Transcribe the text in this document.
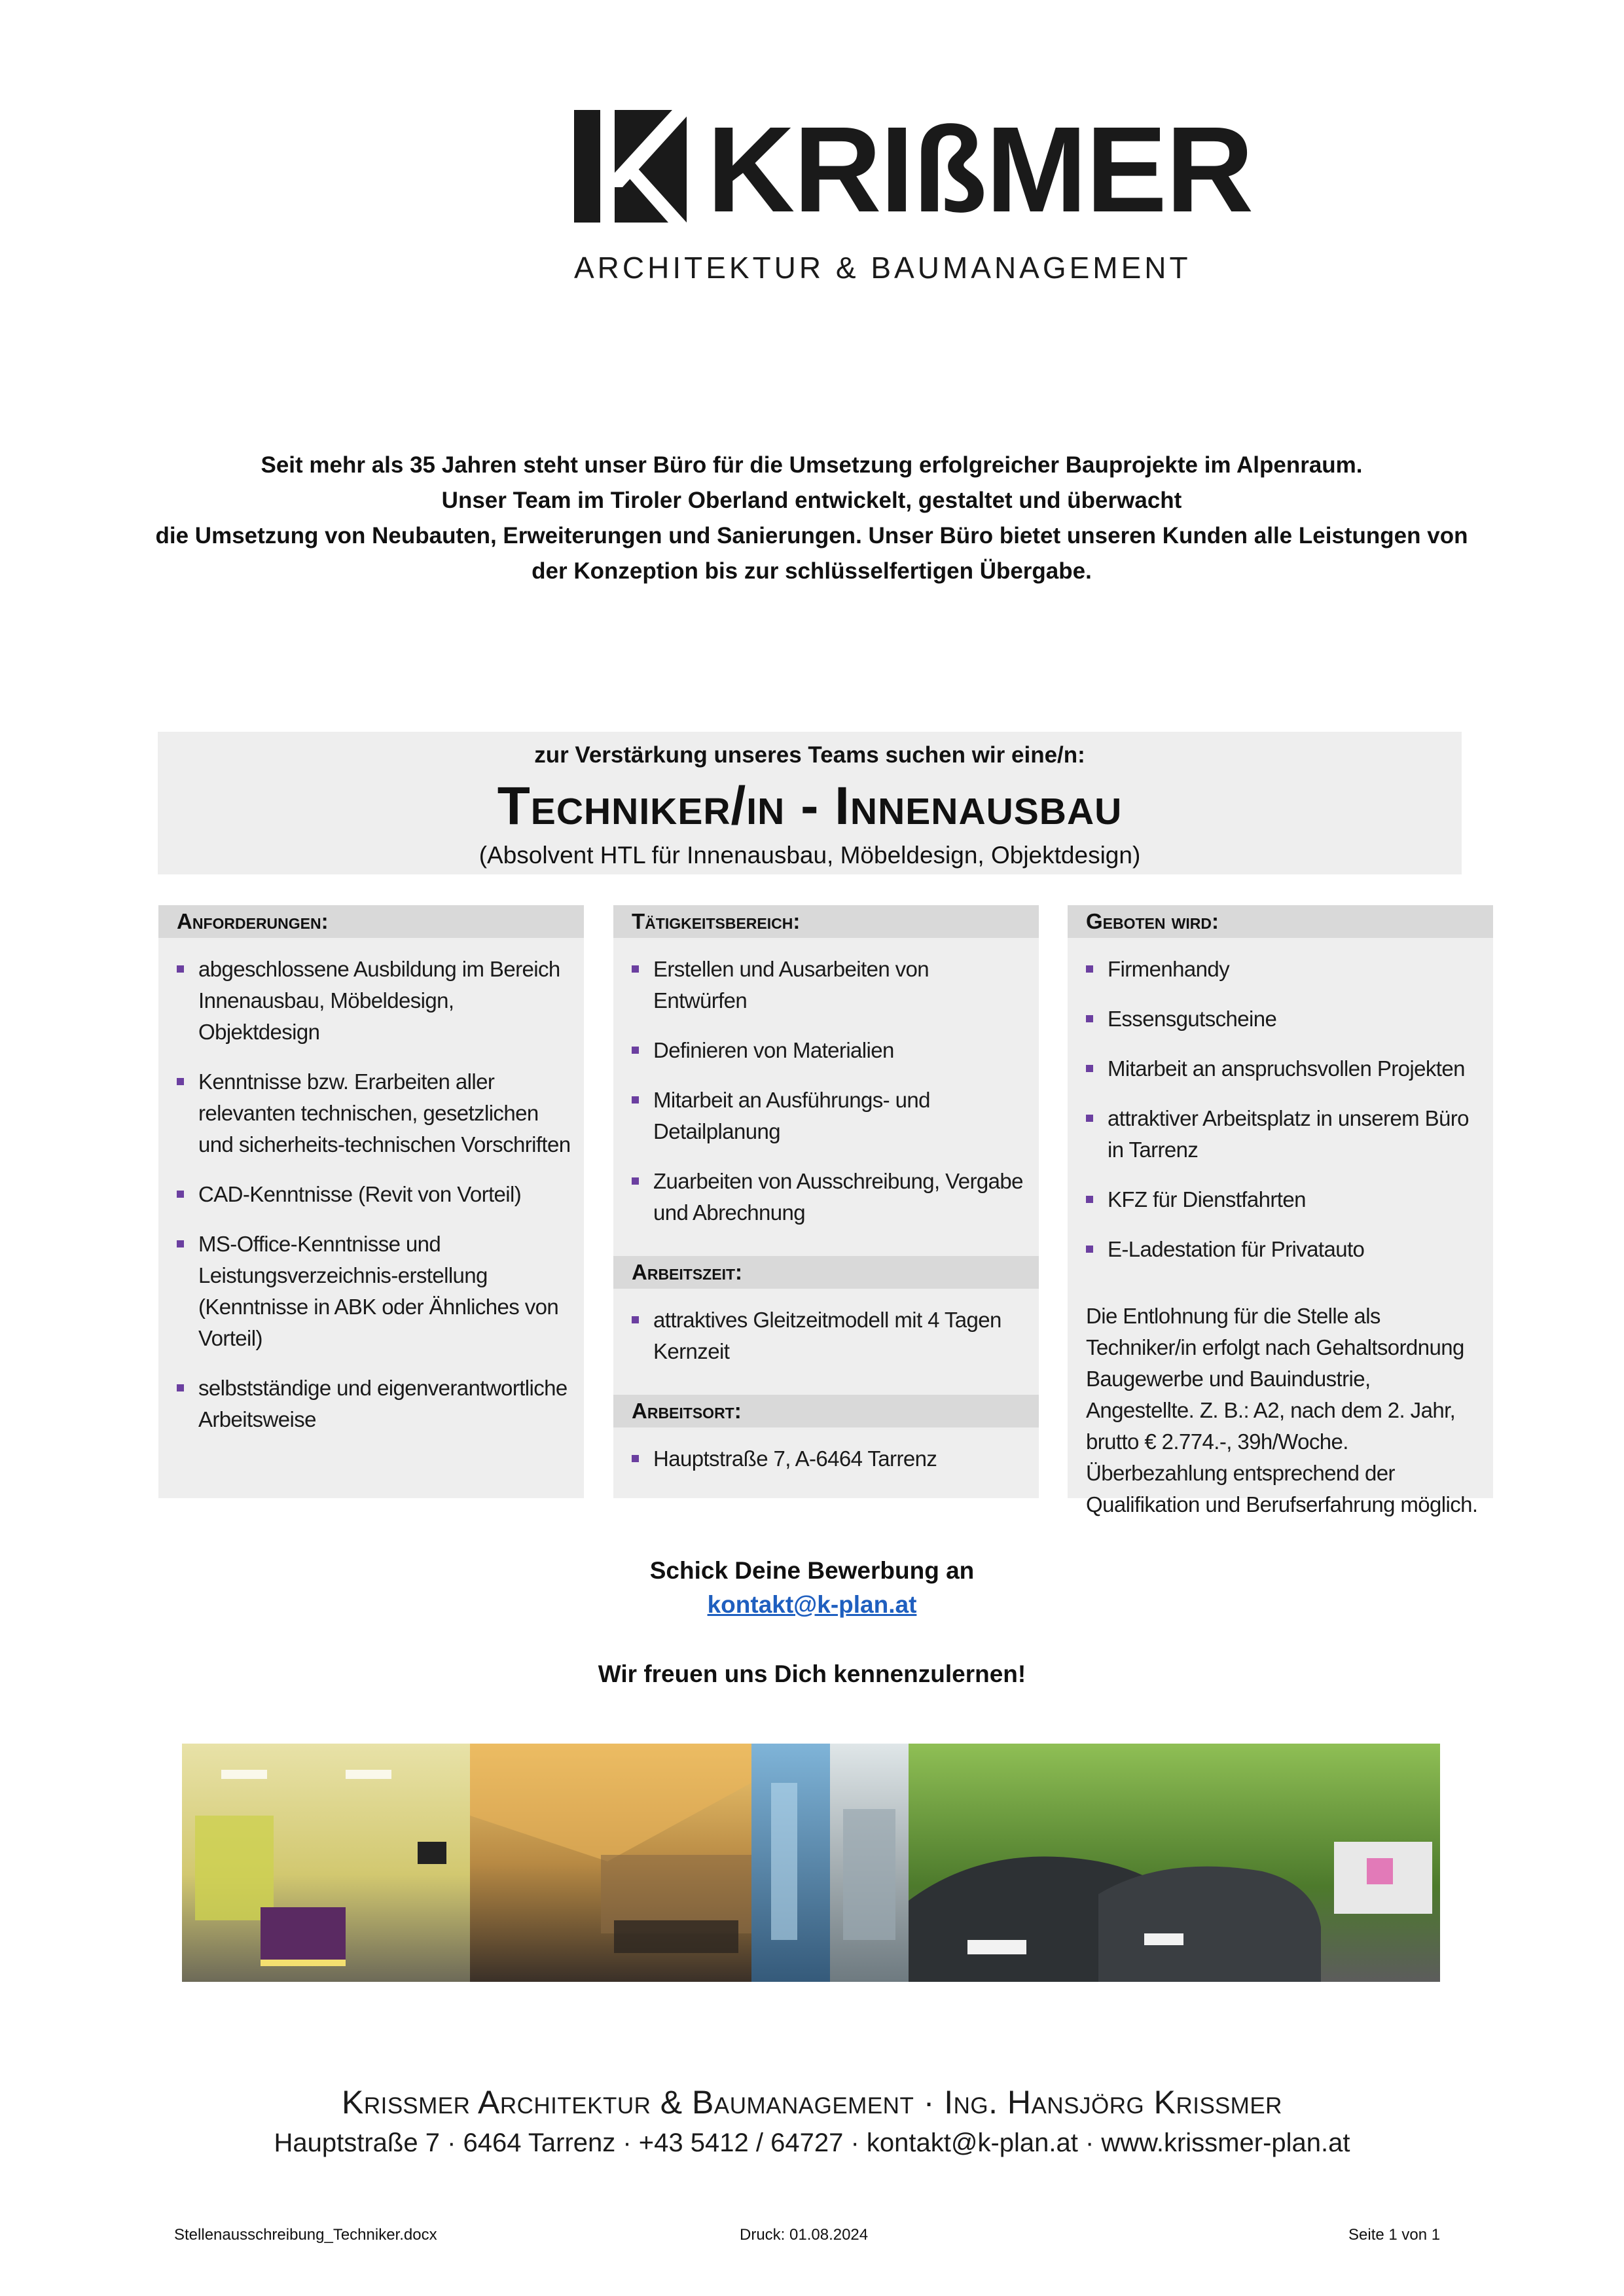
KRIßMER
ARCHITEKTUR & BAUMANAGEMENT
Seit mehr als 35 Jahren steht unser Büro für die Umsetzung erfolgreicher Bauprojekte im Alpenraum.
Unser Team im Tiroler Oberland entwickelt, gestaltet und überwacht
die Umsetzung von Neubauten, Erweiterungen und Sanierungen. Unser Büro bietet unseren Kunden alle Leistungen von
der Konzeption bis zur schlüsselfertigen Übergabe.
zur Verstärkung unseres Teams suchen wir eine/n:
Techniker/in - Innenausbau
(Absolvent HTL für Innenausbau, Möbeldesign, Objektdesign)
Anforderungen:
abgeschlossene Ausbildung im Bereich Innenausbau, Möbeldesign, Objektdesign
Kenntnisse bzw. Erarbeiten aller relevanten technischen, gesetzlichen und sicherheits-technischen Vorschriften
CAD-Kenntnisse (Revit von Vorteil)
MS-Office-Kenntnisse und Leistungsverzeichnis-erstellung (Kenntnisse in ABK oder Ähnliches von Vorteil)
selbstständige und eigenverantwortliche Arbeitsweise
Tätigkeitsbereich:
Erstellen und Ausarbeiten von Entwürfen
Definieren von Materialien
Mitarbeit an Ausführungs- und Detailplanung
Zuarbeiten von Ausschreibung, Vergabe und Abrechnung
Arbeitszeit:
attraktives Gleitzeitmodell mit 4 Tagen Kernzeit
Arbeitsort:
Hauptstraße 7, A-6464 Tarrenz
Geboten wird:
Firmenhandy
Essensgutscheine
Mitarbeit an anspruchsvollen Projekten
attraktiver Arbeitsplatz in unserem Büro in Tarrenz
KFZ für Dienstfahrten
E-Ladestation für Privatauto
Die Entlohnung für die Stelle als Techniker/in erfolgt nach Gehaltsordnung Baugewerbe und Bauindustrie, Angestellte. Z. B.: A2, nach dem 2. Jahr, brutto € 2.774.-, 39h/Woche. Überbezahlung entsprechend der Qualifikation und Berufserfahrung möglich.
Schick Deine Bewerbung an
kontakt@k-plan.at
Wir freuen uns Dich kennenzulernen!
Krißmer Architektur & Baumanagement · Ing. Hansjörg Krißmer
Hauptstraße 7 · 6464 Tarrenz · +43 5412 / 64727 · kontakt@k-plan.at · www.krissmer-plan.at
Stellenausschreibung_Techniker.docx	Druck: 01.08.2024	Seite 1 von 1
